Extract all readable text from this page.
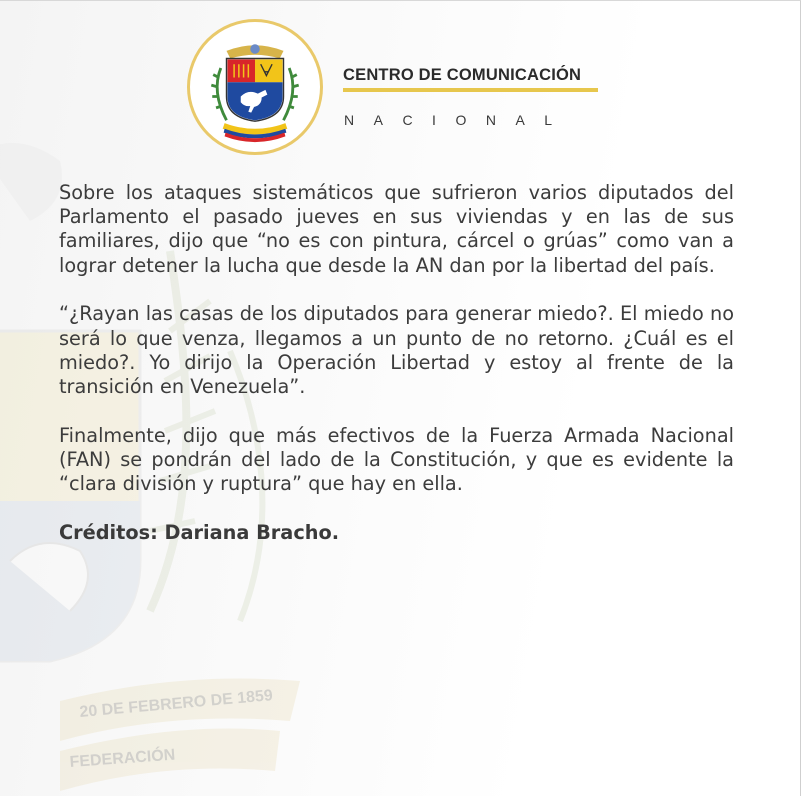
20 DE FEBRERO DE 1859
FEDERACIÓN
CENTRO DE COMUNICACIÓN
NACIONAL

Sobre los ataques sistemáticos que sufrieron varios diputados del Parlamento el pasado jueves en sus viviendas y en las de sus familiares, dijo que “no es con pintura, cárcel o grúas” como van a lograr detener la lucha que desde la AN dan por la libertad del país.

“¿Rayan las casas de los diputados para generar miedo?. El miedo no será lo que venza, llegamos a un punto de no retorno. ¿Cuál es el miedo?. Yo dirijo la Operación Libertad y estoy al frente de la transición en Venezuela”.

Finalmente, dijo que más efectivos de la Fuerza Armada Nacional (FAN) se pondrán del lado de la Constitución, y que es evidente la “clara división y ruptura” que hay en ella.

Créditos: Dariana Bracho.
